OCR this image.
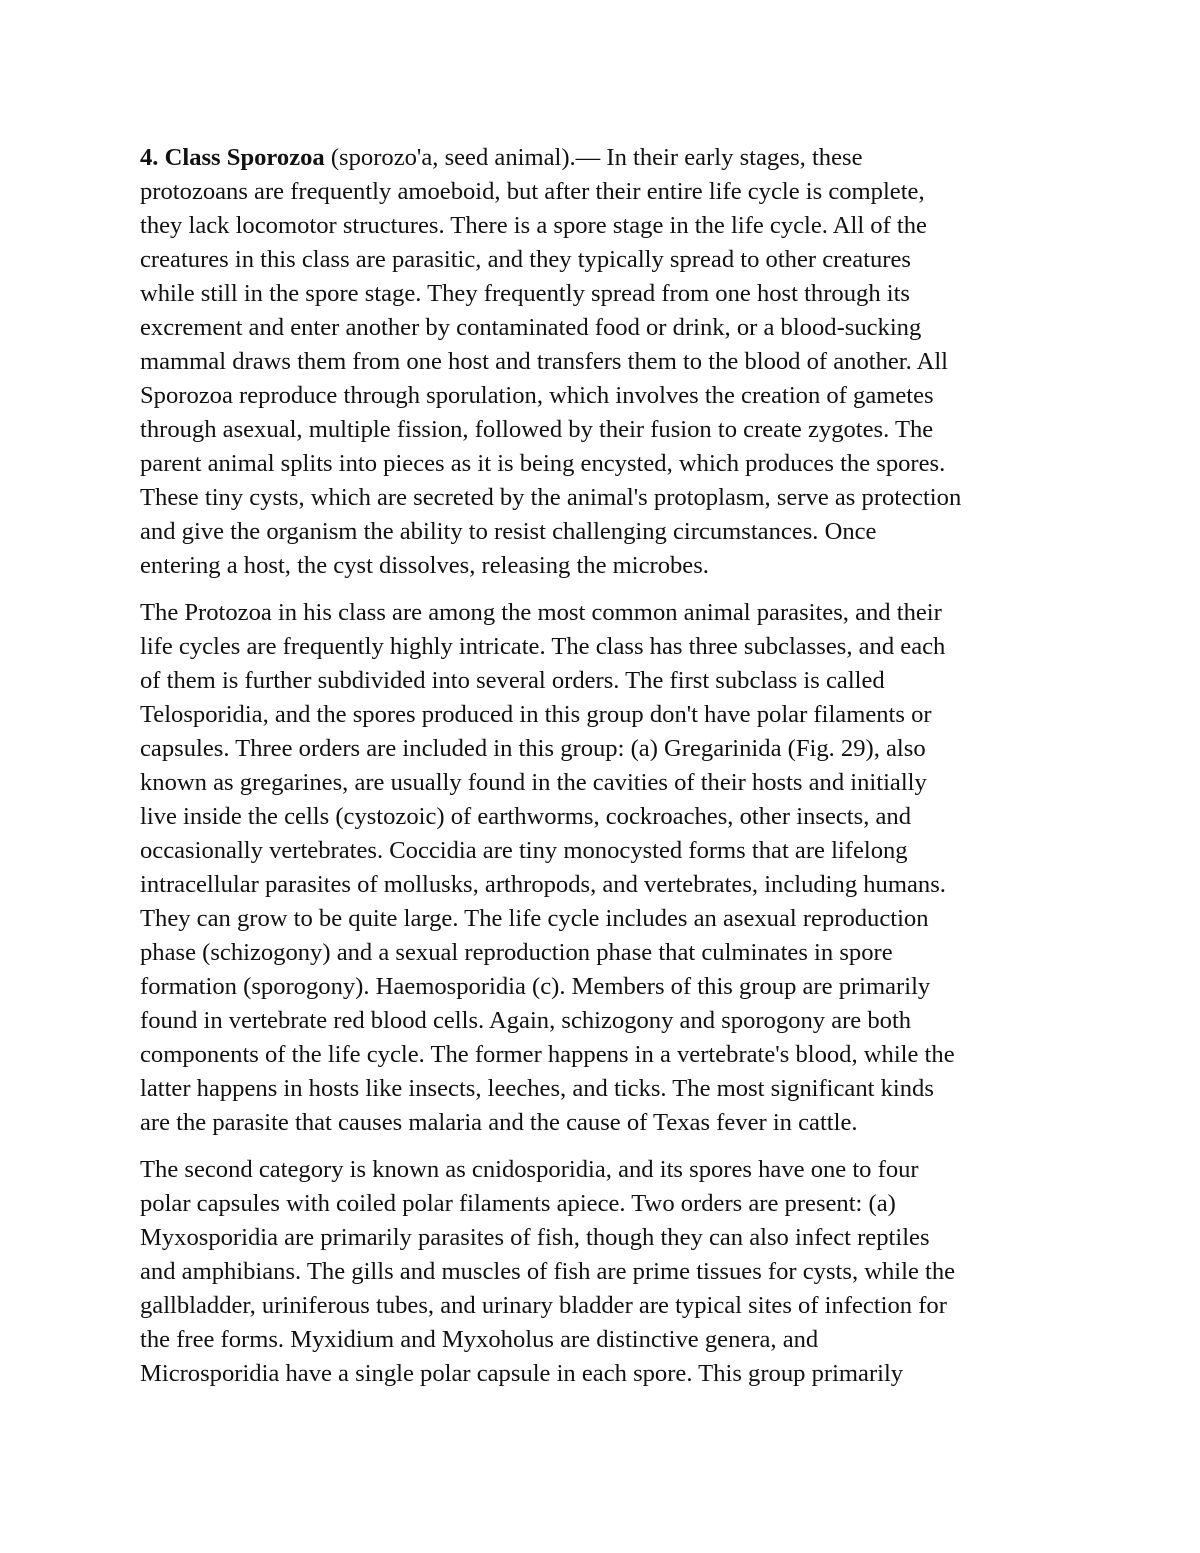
4. Class Sporozoa (sporozo'a, seed animal).— In their early stages, these
protozoans are frequently amoeboid, but after their entire life cycle is complete,
they lack locomotor structures. There is a spore stage in the life cycle. All of the
creatures in this class are parasitic, and they typically spread to other creatures
while still in the spore stage. They frequently spread from one host through its
excrement and enter another by contaminated food or drink, or a blood-sucking
mammal draws them from one host and transfers them to the blood of another. All
Sporozoa reproduce through sporulation, which involves the creation of gametes
through asexual, multiple fission, followed by their fusion to create zygotes. The
parent animal splits into pieces as it is being encysted, which produces the spores.
These tiny cysts, which are secreted by the animal's protoplasm, serve as protection
and give the organism the ability to resist challenging circumstances. Once
entering a host, the cyst dissolves, releasing the microbes.

The Protozoa in his class are among the most common animal parasites, and their
life cycles are frequently highly intricate. The class has three subclasses, and each
of them is further subdivided into several orders. The first subclass is called
Telosporidia, and the spores produced in this group don't have polar filaments or
capsules. Three orders are included in this group: (a) Gregarinida (Fig. 29), also
known as gregarines, are usually found in the cavities of their hosts and initially
live inside the cells (cystozoic) of earthworms, cockroaches, other insects, and
occasionally vertebrates. Coccidia are tiny monocysted forms that are lifelong
intracellular parasites of mollusks, arthropods, and vertebrates, including humans.
They can grow to be quite large. The life cycle includes an asexual reproduction
phase (schizogony) and a sexual reproduction phase that culminates in spore
formation (sporogony). Haemosporidia (c). Members of this group are primarily
found in vertebrate red blood cells. Again, schizogony and sporogony are both
components of the life cycle. The former happens in a vertebrate's blood, while the
latter happens in hosts like insects, leeches, and ticks. The most significant kinds
are the parasite that causes malaria and the cause of Texas fever in cattle.

The second category is known as cnidosporidia, and its spores have one to four
polar capsules with coiled polar filaments apiece. Two orders are present: (a)
Myxosporidia are primarily parasites of fish, though they can also infect reptiles
and amphibians. The gills and muscles of fish are prime tissues for cysts, while the
gallbladder, uriniferous tubes, and urinary bladder are typical sites of infection for
the free forms. Myxidium and Myxoholus are distinctive genera, and
Microsporidia have a single polar capsule in each spore. This group primarily
